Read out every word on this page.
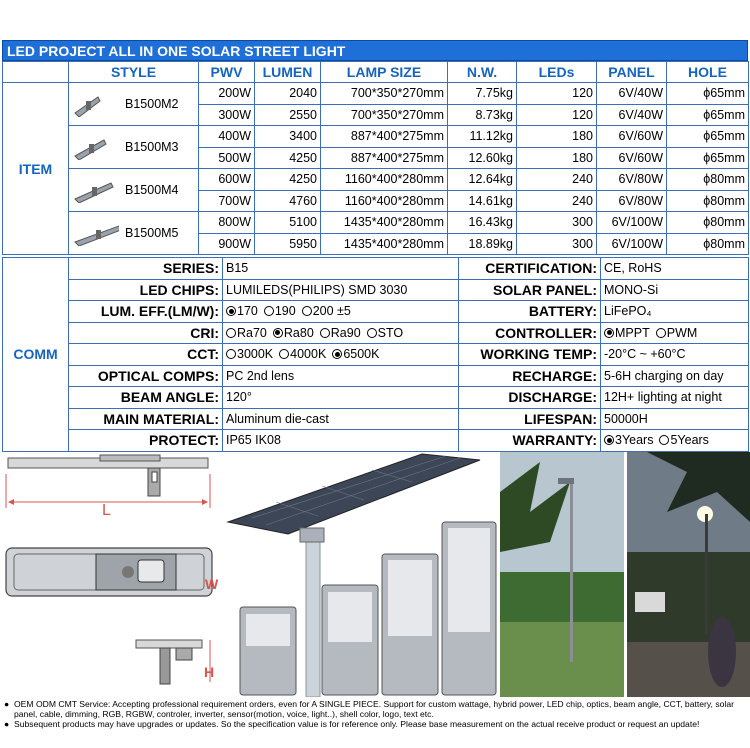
LED PROJECT ALL IN ONE SOLAR STREET LIGHT
	STYLE	PWV	LUMEN	LAMP SIZE	N.W.	LEDs	PANEL	HOLE
ITEM	B1500M2	200W	2040	700*350*270mm	7.75kg	120	6V/40W	ϕ65mm
		300W	2550	700*350*270mm	8.73kg	120	6V/40W	ϕ65mm

	B1500M3	400W	3400	887*400*275mm	11.12kg	180	6V/60W	ϕ65mm
		500W	4250	887*400*275mm	12.60kg	180	6V/60W	ϕ65mm

	B1500M4	600W	4250	1160*400*280mm	12.64kg	240	6V/80W	ϕ80mm
		700W	4760	1160*400*280mm	14.61kg	240	6V/80W	ϕ80mm

	B1500M5	800W	5100	1435*400*280mm	16.43kg	300	6V/100W	ϕ80mm
		900W	5950	1435*400*280mm	18.89kg	300	6V/100W	ϕ80mm
COMM	SERIES:	B15	CERTIFICATION:	CE, RoHS
	LED CHIPS:	LUMILEDS(PHILIPS) SMD 3030	SOLAR PANEL:	MONO-Si
	LUM. EFF.(LM/W):	170 190 200 ±5	BATTERY:	LiFePO₄
	CRI:	Ra70 Ra80 Ra90 STO	CONTROLLER:	MPPT PWM
	CCT:	3000K 4000K 6500K	WORKING TEMP:	-20°C ~ +60°C
	OPTICAL COMPS:	PC 2nd lens	RECHARGE:	5-6H charging on day
	BEAM ANGLE:	120°	DISCHARGE:	12H+ lighting at night
	MAIN MATERIAL:	Aluminum die-cast	LIFESPAN:	50000H
	PROTECT:	IP65 IK08	WARRANTY:	3Years 5Years
L
W
H
● OEM ODM CMT Service: Accepting professional requirement orders, even for A SINGLE PIECE. Support for custom wattage, hybrid power, LED chip, optics, beam angle, CCT, battery, solar panel, cable, dimming, RGB, RGBW, controler, inverter, sensor(motion, voice, light..), shell color, logo, text etc.
● Subsequent products may have upgrades or updates. So the specification value is for reference only. Please base measurement on the actual receive product or request an update!
